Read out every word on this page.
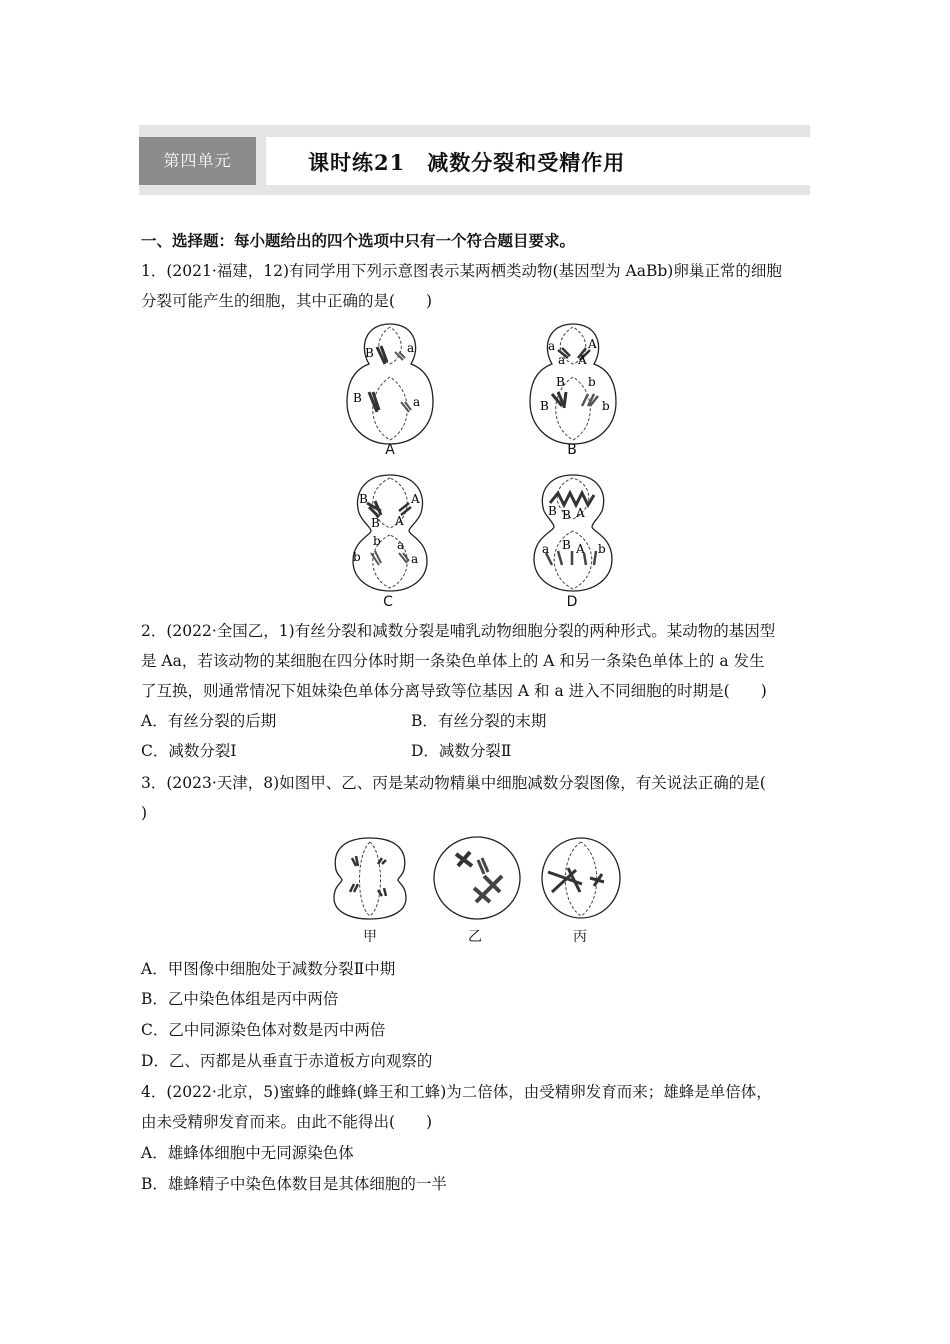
第四单元	课时练21　减数分裂和受精作用
一、选择题：每小题给出的四个选项中只有一个符合题目要求。
1．(2021·福建，12)有同学用下列示意图表示某两栖类动物(基因型为 AaBb)卵巢正常的细胞
分裂可能产生的细胞，其中正确的是(　　)
B	a
B	a
A
a
a
A
A
B b
B	b
B
B
B
A
A
b
b
a
a
C
B B A
a B A b
D
2．(2022·全国乙，1)有丝分裂和减数分裂是哺乳动物细胞分裂的两种形式。某动物的基因型
是 Aa，若该动物的某细胞在四分体时期一条染色单体上的 A 和另一条染色单体上的 a 发生
了互换，则通常情况下姐妹染色单体分离导致等位基因 A 和 a 进入不同细胞的时期是(　　)
A．有丝分裂的后期	B．有丝分裂的末期
C．减数分裂Ⅰ	D．减数分裂Ⅱ
3．(2023·天津，8)如图甲、乙、丙是某动物精巢中细胞减数分裂图像，有关说法正确的是(
)
甲	乙	丙
A．甲图像中细胞处于减数分裂Ⅱ中期
B．乙中染色体组是丙中两倍
C．乙中同源染色体对数是丙中两倍
D．乙、丙都是从垂直于赤道板方向观察的
4．(2022·北京，5)蜜蜂的雌蜂(蜂王和工蜂)为二倍体，由受精卵发育而来；雄蜂是单倍体，
由未受精卵发育而来。由此不能得出(　　)
A．雄蜂体细胞中无同源染色体
B．雄蜂精子中染色体数目是其体细胞的一半
